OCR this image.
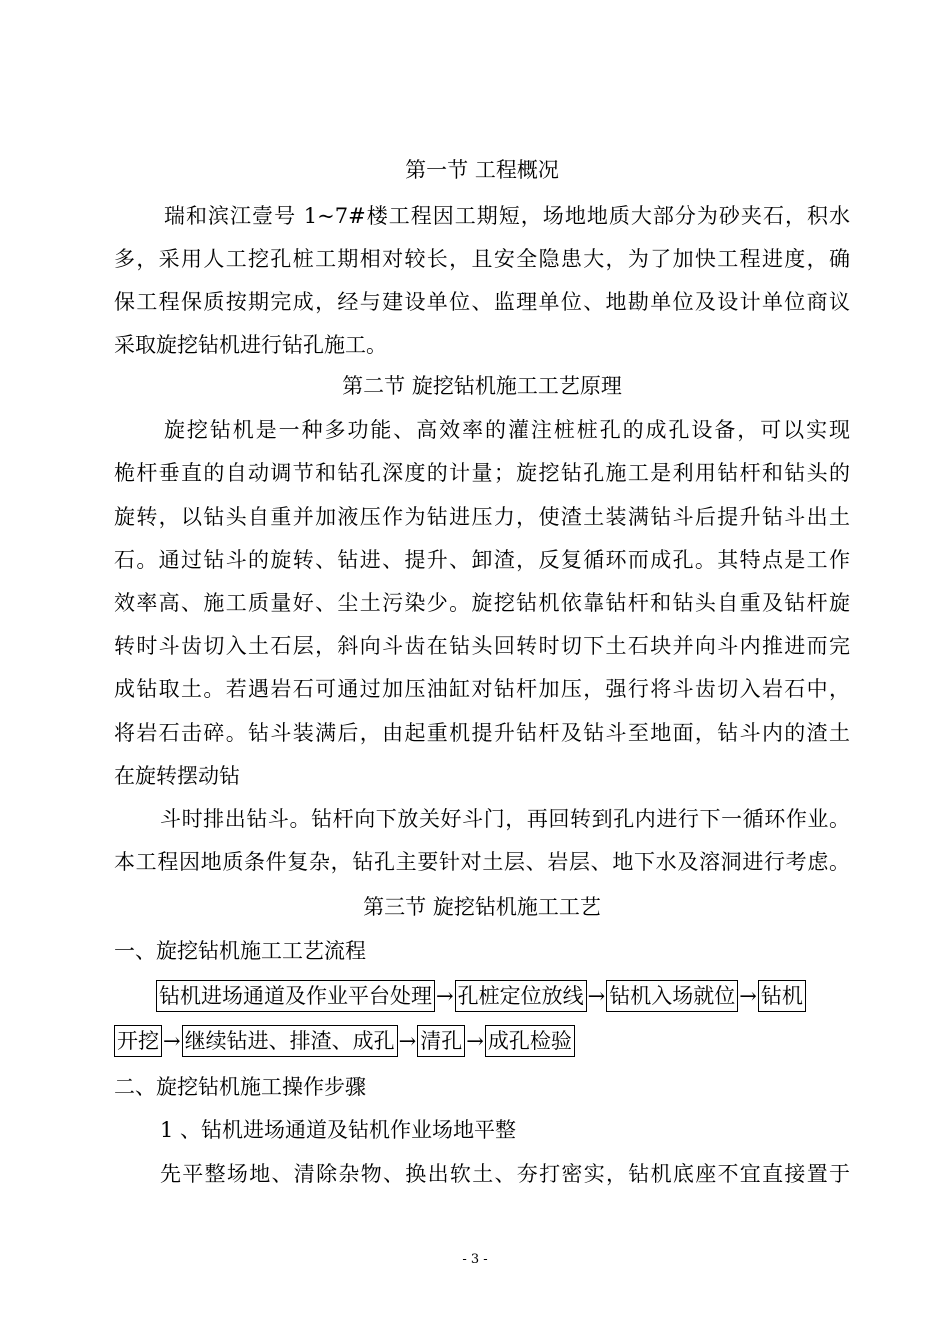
第一节 工程概况
瑞和滨江壹号 1~7#楼工程因工期短，场地地质大部分为砂夹石，积水
多，采用人工挖孔桩工期相对较长，且安全隐患大，为了加快工程进度，确
保工程保质按期完成，经与建设单位、监理单位、地勘单位及设计单位商议
采取旋挖钻机进行钻孔施工。
第二节 旋挖钻机施工工艺原理
旋挖钻机是一种多功能、高效率的灌注桩桩孔的成孔设备，可以实现
桅杆垂直的自动调节和钻孔深度的计量；旋挖钻孔施工是利用钻杆和钻头的
旋转，以钻头自重并加液压作为钻进压力，使渣土装满钻斗后提升钻斗出土
石。通过钻斗的旋转、钻进、提升、卸渣，反复循环而成孔。其特点是工作
效率高、施工质量好、尘土污染少。旋挖钻机依靠钻杆和钻头自重及钻杆旋
转时斗齿切入土石层，斜向斗齿在钻头回转时切下土石块并向斗内推进而完
成钻取土。若遇岩石可通过加压油缸对钻杆加压，强行将斗齿切入岩石中，
将岩石击碎。钻斗装满后，由起重机提升钻杆及钻斗至地面，钻斗内的渣土
在旋转摆动钻
斗时排出钻斗。钻杆向下放关好斗门，再回转到孔内进行下一循环作业。
本工程因地质条件复杂，钻孔主要针对土层、岩层、地下水及溶洞进行考虑。
第三节 旋挖钻机施工工艺
一、旋挖钻机施工工艺流程
钻机进场通道及作业平台处理 → 孔桩定位放线 → 钻机入场就位 → 钻机
开挖 → 继续钻进、排渣、成孔 → 清孔 → 成孔检验
二、旋挖钻机施工操作步骤
1 、钻机进场通道及钻机作业场地平整
先平整场地、清除杂物、换出软土、夯打密实，钻机底座不宜直接置于
- 3 -
